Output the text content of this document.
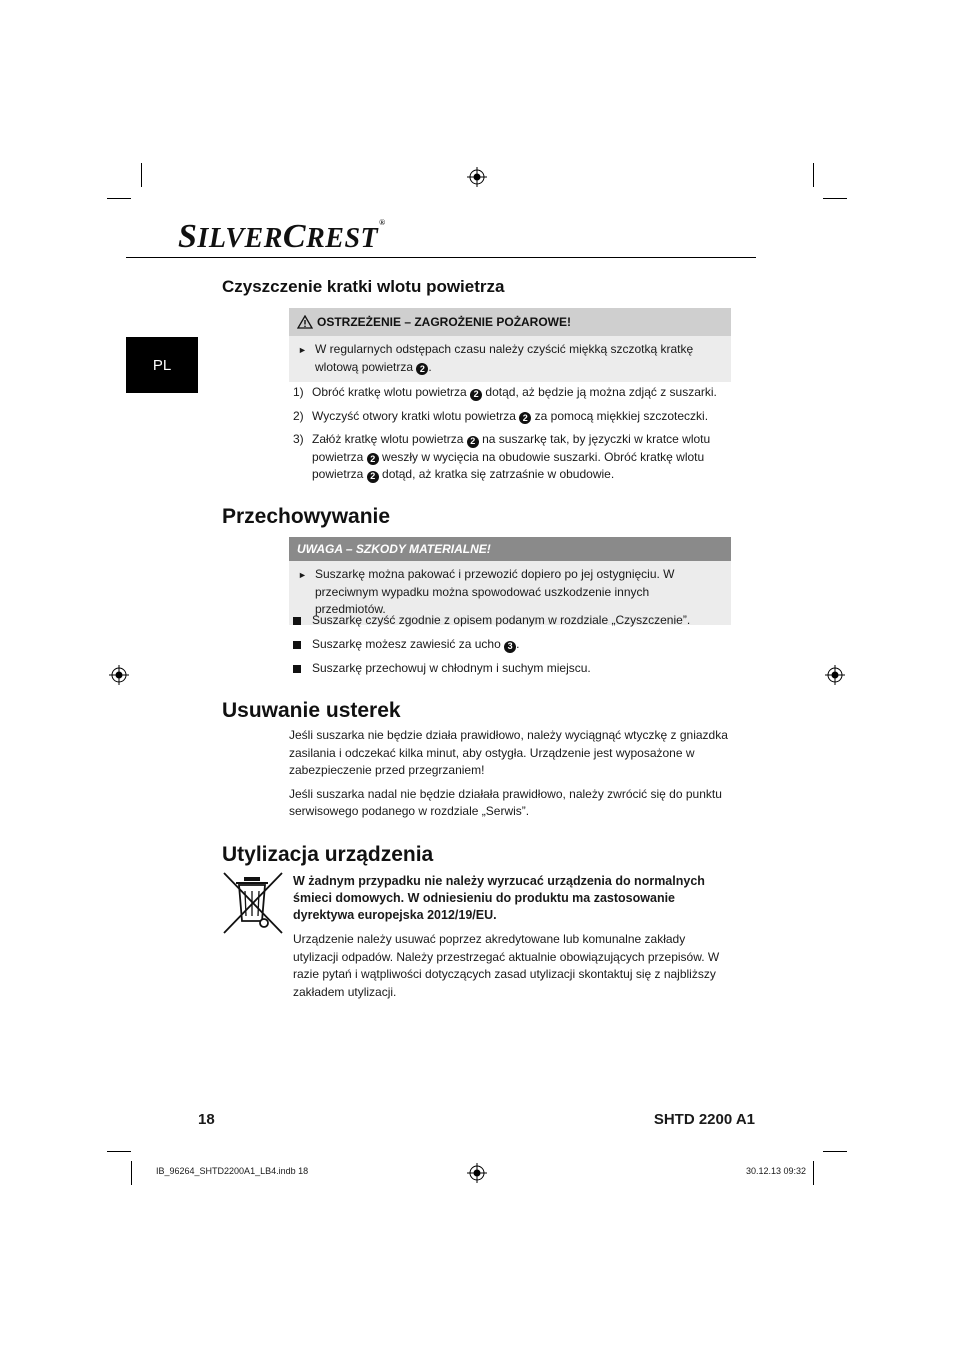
SILVERCREST®
PL
Czyszczenie kratki wlotu powietrza
OSTRZEŻENIE – ZAGROŻENIE POŻAROWE!
► W regularnych odstępach czasu należy czyścić miękką szczotką kratkę wlotową powietrza 2 .
1) Obróć kratkę wlotu powietrza 2 dotąd, aż będzie ją można zdjąć z suszarki.
2) Wyczyść otwory kratki wlotu powietrza 2 za pomocą miękkiej szczoteczki.
3) Załóż kratkę wlotu powietrza 2 na suszarkę tak, by języczki w kratce wlotu powietrza 2 weszły w wycięcia na obudowie suszarki. Obróć kratkę wlotu powietrza 2 dotąd, aż kratka się zatrzaśnie w obudowie.
Przechowywanie
UWAGA – SZKODY MATERIALNE!
► Suszarkę można pakować i przewozić dopiero po jej ostygnięciu. W przeciwnym wypadku można spowodować uszkodzenie innych przedmiotów.
Suszarkę czyść zgodnie z opisem podanym w rozdziale „Czyszczenie”.
Suszarkę możesz zawiesić za ucho 3 .
Suszarkę przechowuj w chłodnym i suchym miejscu.
Usuwanie usterek

Jeśli suszarka nie będzie działa prawidłowo, należy wyciągnąć wtyczkę z gniazdka zasilania i odczekać kilka minut, aby ostygła. Urządzenie jest wyposażone w zabezpieczenie przed przegrzaniem!

Jeśli suszarka nadal nie będzie działała prawidłowo, należy zwrócić się do punktu serwisowego podanego w rozdziale „Serwis”.

Utylizacja urządzenia
W żadnym przypadku nie należy wyrzucać urządzenia do normalnych śmieci domowych. W odniesieniu do produktu ma zastosowanie dyrektywa europejska 2012/19/EU.
Urządzenie należy usuwać poprzez akredytowane lub komunalne zakłady utylizacji odpadów. Należy przestrzegać aktualnie obowiązujących przepisów. W razie pytań i wątpliwości dotyczących zasad utylizacji skontaktuj się z najbliższy zakładem utylizacji.
18	SHTD 2200 A1
IB_96264_SHTD2200A1_LB4.indb 18	30.12.13 09:32
